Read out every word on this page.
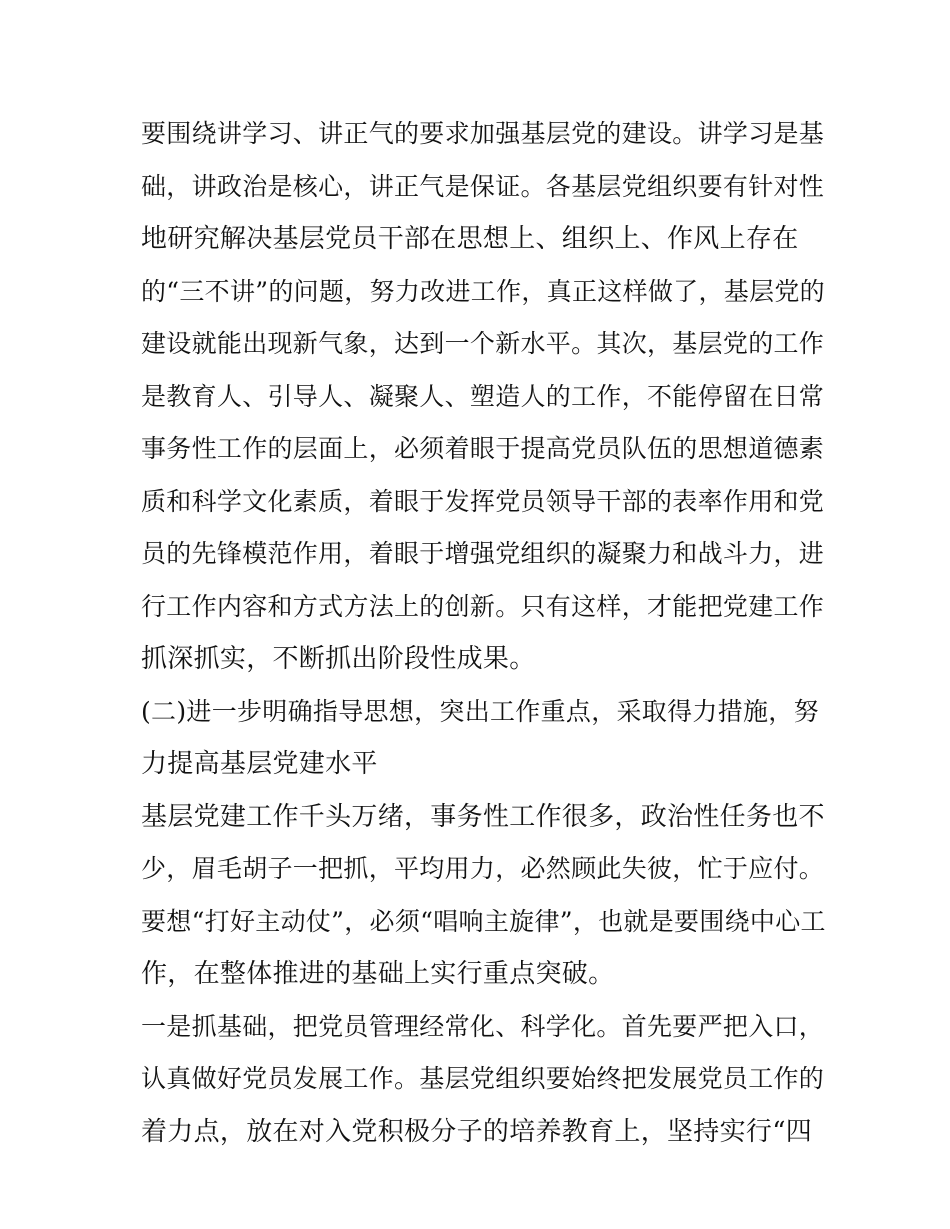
要围绕讲学习、讲正气的要求加强基层党的建设。讲学习是基
础，讲政治是核心，讲正气是保证。各基层党组织要有针对性
地研究解决基层党员干部在思想上、组织上、作风上存在
的“三不讲”的问题，努力改进工作，真正这样做了，基层党的
建设就能出现新气象，达到一个新水平。其次，基层党的工作
是教育人、引导人、凝聚人、塑造人的工作，不能停留在日常
事务性工作的层面上，必须着眼于提高党员队伍的思想道德素
质和科学文化素质，着眼于发挥党员领导干部的表率作用和党
员的先锋模范作用，着眼于增强党组织的凝聚力和战斗力，进
行工作内容和方式方法上的创新。只有这样，才能把党建工作
抓深抓实，不断抓出阶段性成果。
(二)进一步明确指导思想，突出工作重点，采取得力措施，努
力提高基层党建水平
基层党建工作千头万绪，事务性工作很多，政治性任务也不
少，眉毛胡子一把抓，平均用力，必然顾此失彼，忙于应付。
要想“打好主动仗”，必须“唱响主旋律”，也就是要围绕中心工
作，在整体推进的基础上实行重点突破。
一是抓基础，把党员管理经常化、科学化。首先要严把入口，
认真做好党员发展工作。基层党组织要始终把发展党员工作的
着力点，放在对入党积极分子的培养教育上，坚持实行“四
